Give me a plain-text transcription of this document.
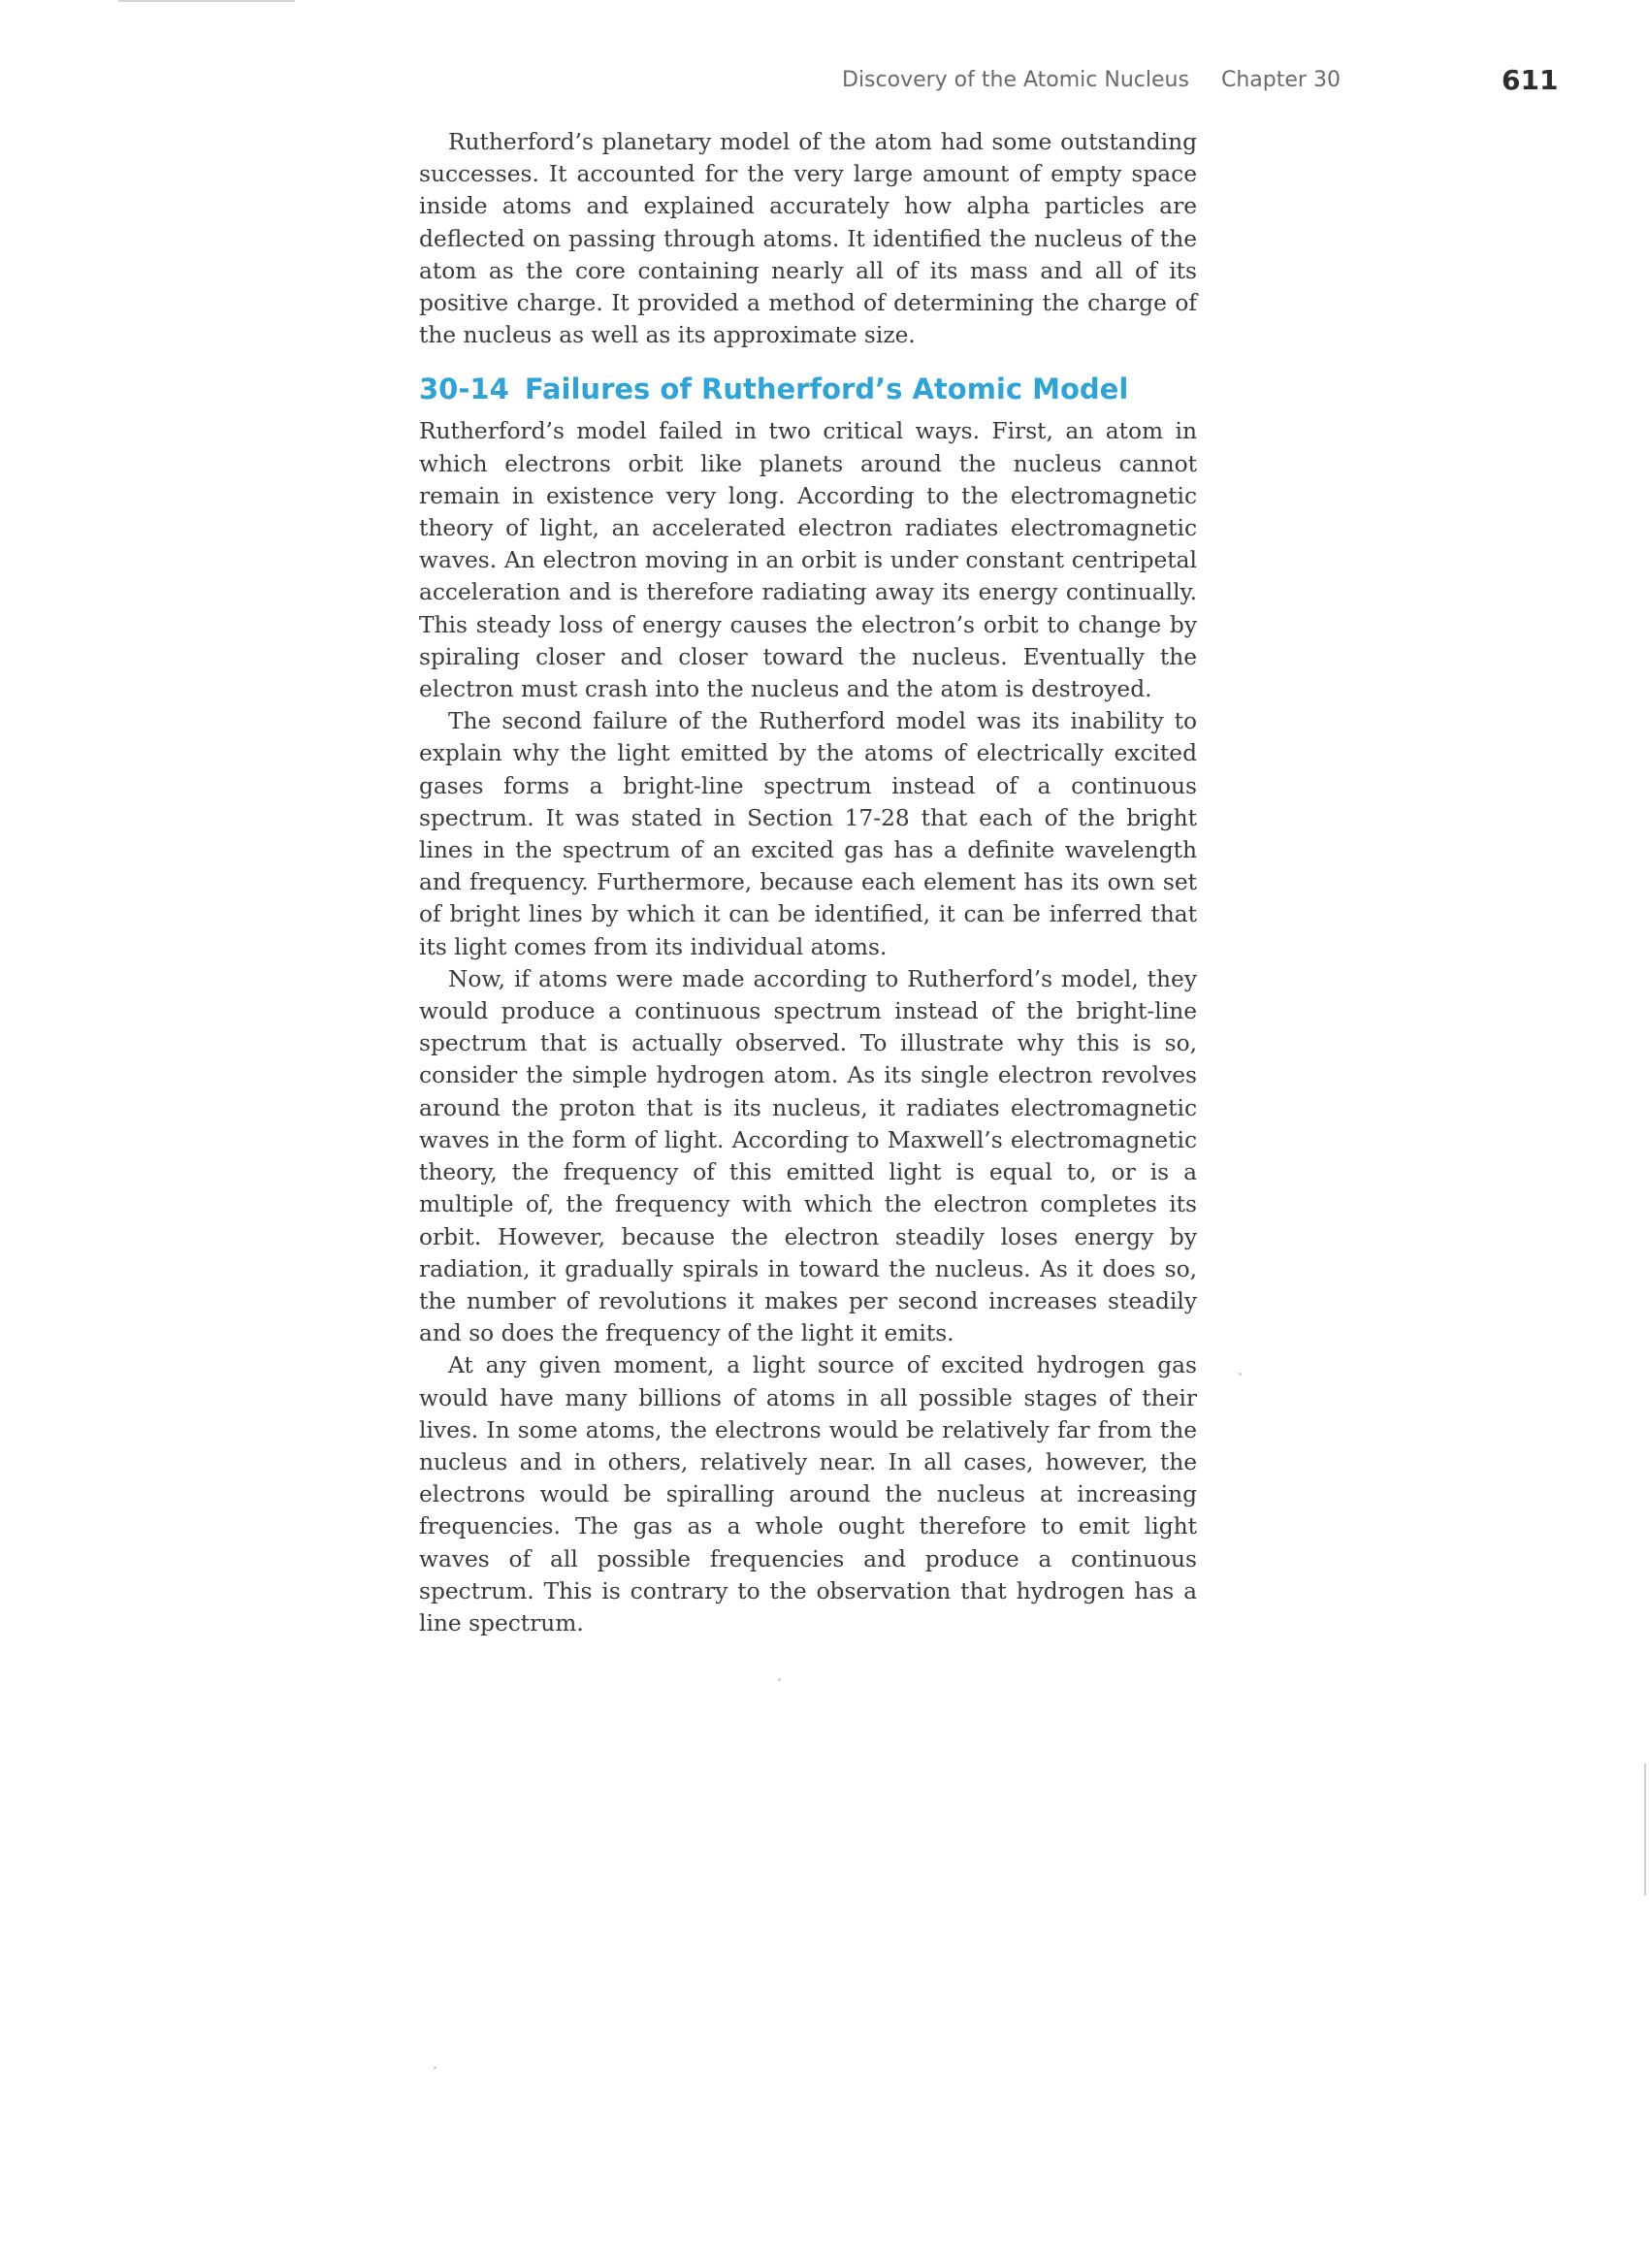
Discovery of the Atomic Nucleus Chapter 30	611

Rutherford’s planetary model of the atom had some outstanding successes. It accounted for the very large amount of empty space inside atoms and explained accurately how alpha particles are deflected on passing through atoms. It identified the nucleus of the atom as the core containing nearly all of its mass and all of its positive charge. It provided a method of determining the charge of the nucleus as well as its approximate size.

30-14 Failures of Rutherford’s Atomic Model

Rutherford’s model failed in two critical ways. First, an atom in which electrons orbit like planets around the nucleus cannot remain in existence very long. According to the electromagnetic theory of light, an accelerated electron radiates electromagnetic waves. An electron moving in an orbit is under constant centripetal acceleration and is therefore radiating away its energy continually. This steady loss of energy causes the electron’s orbit to change by spiraling closer and closer toward the nucleus. Eventually the electron must crash into the nucleus and the atom is destroyed.

The second failure of the Rutherford model was its inability to explain why the light emitted by the atoms of electrically excited gases forms a bright-line spectrum instead of a continuous spectrum. It was stated in Section 17-28 that each of the bright lines in the spectrum of an excited gas has a definite wavelength and frequency. Furthermore, because each element has its own set of bright lines by which it can be identified, it can be inferred that its light comes from its individual atoms.

Now, if atoms were made according to Rutherford’s model, they would produce a continuous spectrum instead of the bright-line spectrum that is actually observed. To illustrate why this is so, consider the simple hydrogen atom. As its single electron revolves around the proton that is its nucleus, it radiates electromagnetic waves in the form of light. According to Maxwell’s electromagnetic theory, the frequency of this emitted light is equal to, or is a multiple of, the frequency with which the electron completes its orbit. However, because the electron steadily loses energy by radiation, it gradually spirals in toward the nucleus. As it does so, the number of revolutions it makes per second increases steadily and so does the frequency of the light it emits.

At any given moment, a light source of excited hydrogen gas would have many billions of atoms in all possible stages of their lives. In some atoms, the electrons would be relatively far from the nucleus and in others, relatively near. In all cases, however, the electrons would be spiralling around the nucleus at increasing frequencies. The gas as a whole ought therefore to emit light waves of all possible frequencies and produce a continuous spectrum. This is contrary to the observation that hydrogen has a line spectrum.
